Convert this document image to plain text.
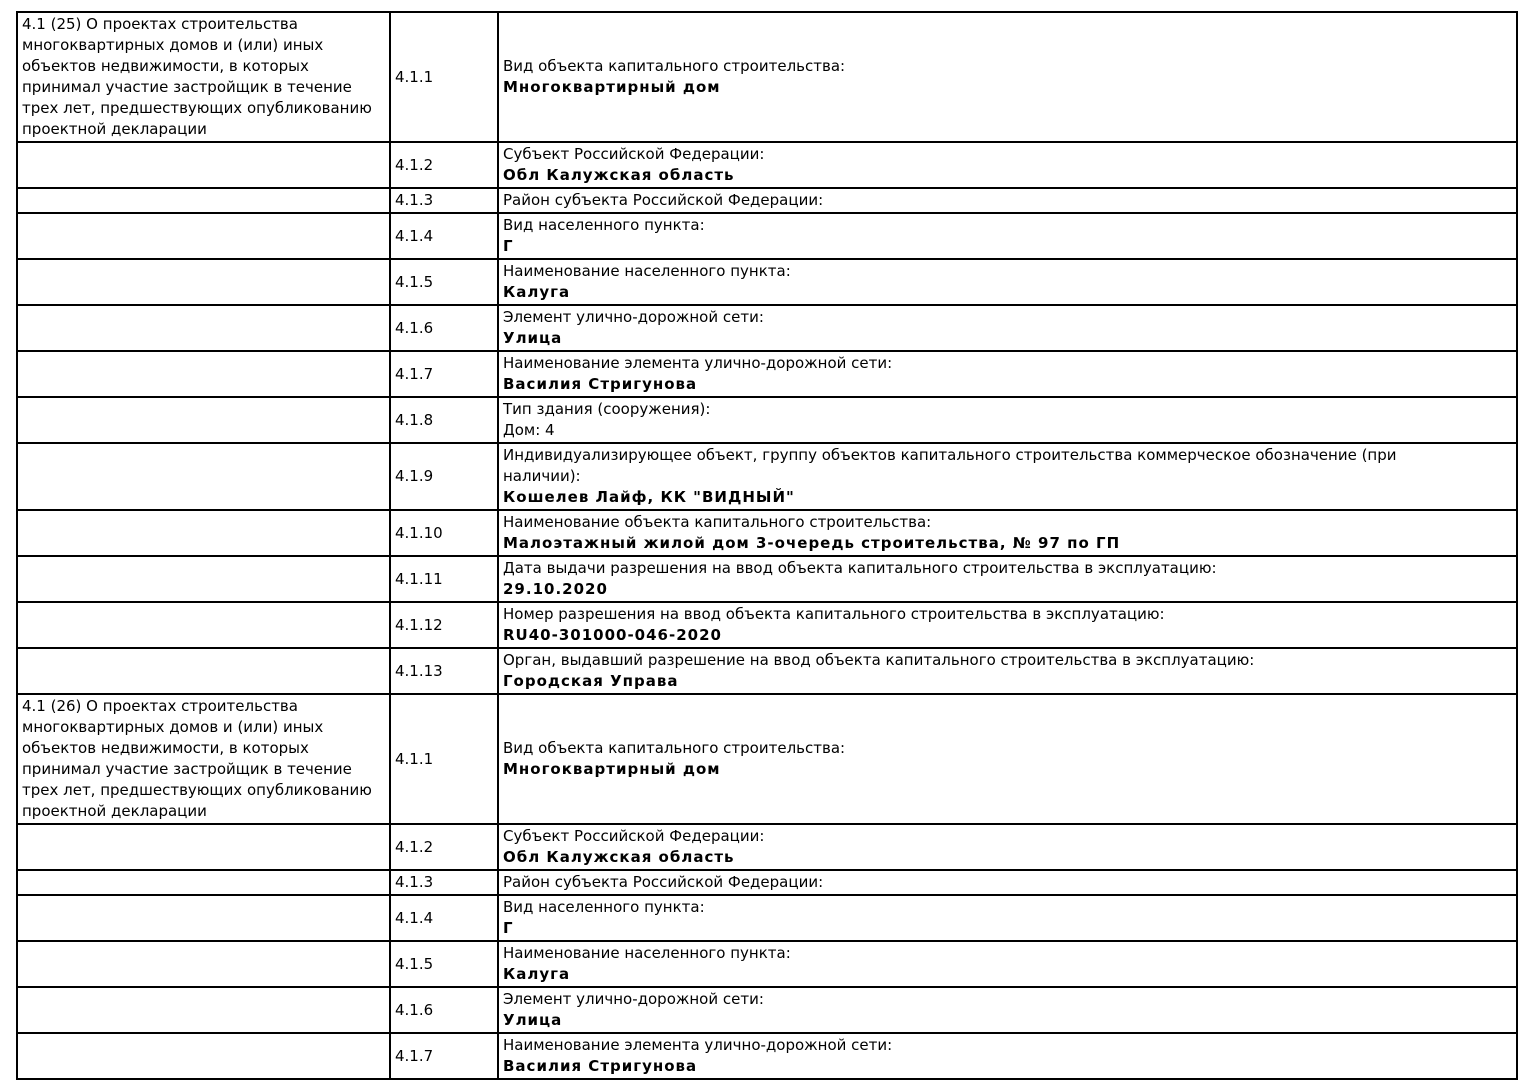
4.1 (25) О проектах строительства многоквартирных домов и (или) иных объектов недвижимости, в которых принимал участие застройщик в течение трех лет, предшествующих опубликованию проектной декларации	4.1.1	Вид объекта капитального строительства:
Многоквартирный дом

	4.1.2	Субъект Российской Федерации:
Обл Калужская область

	4.1.3	Район субъекта Российской Федерации:

	4.1.4	Вид населенного пункта:
Г

	4.1.5	Наименование населенного пункта:
Калуга

	4.1.6	Элемент улично-дорожной сети:
Улица

	4.1.7	Наименование элемента улично-дорожной сети:
Василия Стригунова

	4.1.8	Тип здания (сооружения):
Дом: 4

	4.1.9	Индивидуализирующее объект, группу объектов капитального строительства коммерческое обозначение (при наличии):
Кошелев Лайф, КК "ВИДНЫЙ"

	4.1.10	Наименование объекта капитального строительства:
Малоэтажный жилой дом 3-очередь строительства, № 97 по ГП

	4.1.11	Дата выдачи разрешения на ввод объекта капитального строительства в эксплуатацию:
29.10.2020

	4.1.12	Номер разрешения на ввод объекта капитального строительства в эксплуатацию:
RU40-301000-046-2020

	4.1.13	Орган, выдавший разрешение на ввод объекта капитального строительства в эксплуатацию:
Городская Управа

4.1 (26) О проектах строительства многоквартирных домов и (или) иных объектов недвижимости, в которых принимал участие застройщик в течение трех лет, предшествующих опубликованию проектной декларации	4.1.1	Вид объекта капитального строительства:
Многоквартирный дом

	4.1.2	Субъект Российской Федерации:
Обл Калужская область

	4.1.3	Район субъекта Российской Федерации:

	4.1.4	Вид населенного пункта:
Г

	4.1.5	Наименование населенного пункта:
Калуга

	4.1.6	Элемент улично-дорожной сети:
Улица

	4.1.7	Наименование элемента улично-дорожной сети:
Василия Стригунова
